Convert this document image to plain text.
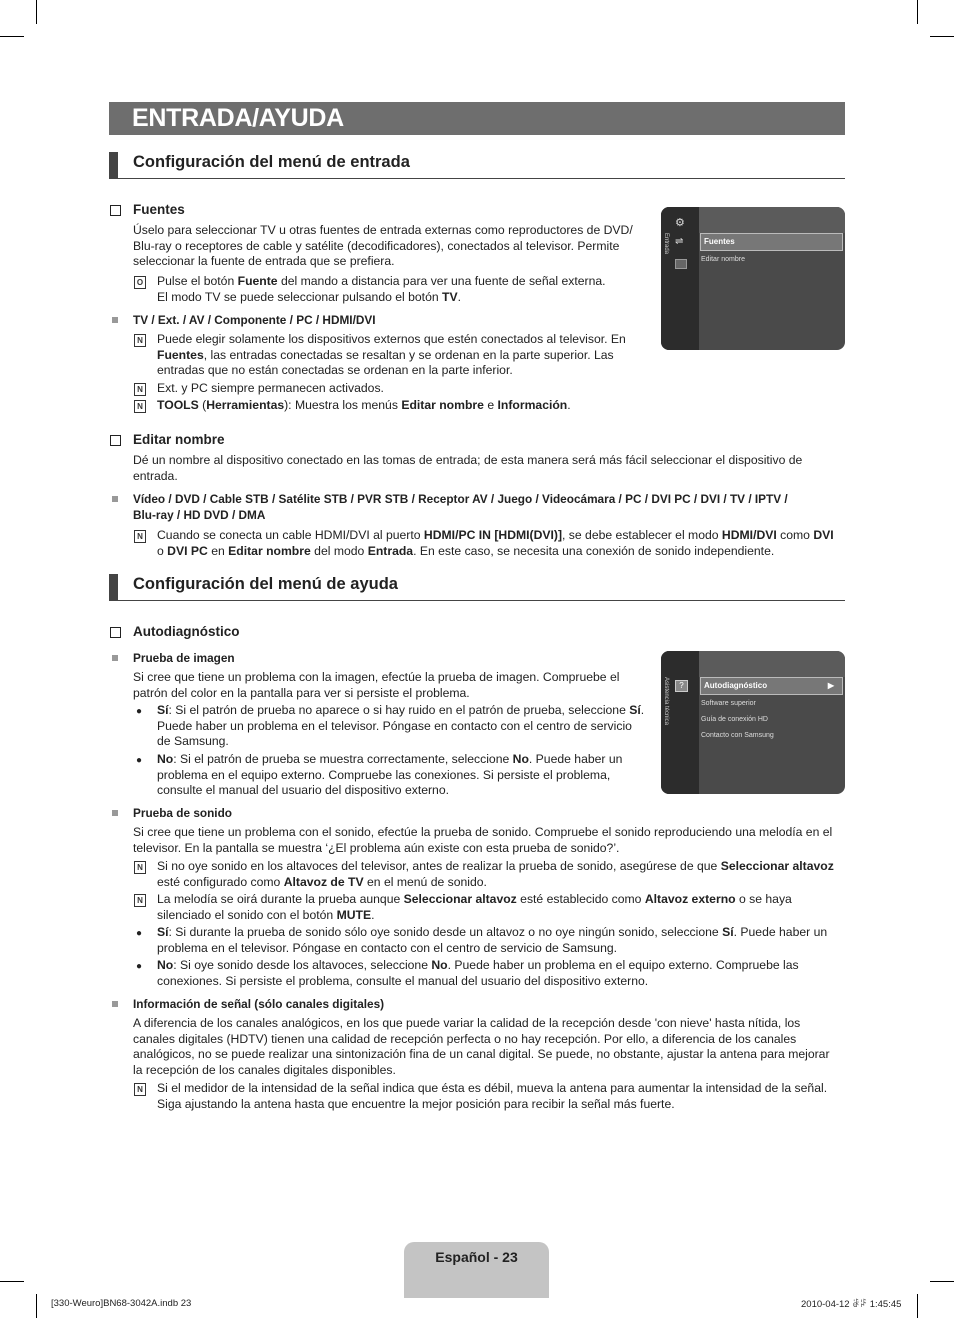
ENTRADA/AYUDA
Configuración del menú de entrada
Fuentes
Úselo para seleccionar TV u otras fuentes de entrada externas como reproductores de DVD/
Blu-ray o receptores de cable y satélite (decodificadores), conectados al televisor. Permite
seleccionar la fuente de entrada que se prefiera.
O Pulse el botón Fuente del mando a distancia para ver una fuente de señal externa.
El modo TV se puede seleccionar pulsando el botón TV.
TV / Ext. / AV / Componente / PC / HDMI/DVI
N Puede elegir solamente los dispositivos externos que estén conectados al televisor. En
Fuentes, las entradas conectadas se resaltan y se ordenan en la parte superior. Las
entradas que no están conectadas se ordenan en la parte inferior.
N Ext. y PC siempre permanecen activados.
N TOOLS (Herramientas): Muestra los menús Editar nombre e Información.
⚙
⇌
Entrada	Fuentes
Editar nombre
Editar nombre
Dé un nombre al dispositivo conectado en las tomas de entrada; de esta manera será más fácil seleccionar el dispositivo de
entrada.
Vídeo / DVD / Cable STB / Satélite STB / PVR STB / Receptor AV / Juego / Videocámara / PC / DVI PC / DVI / TV / IPTV /
Blu-ray / HD DVD / DMA
N Cuando se conecta un cable HDMI/DVI al puerto HDMI/PC IN [HDMI(DVI)], se debe establecer el modo HDMI/DVI como DVI
o DVI PC en Editar nombre del modo Entrada. En este caso, se necesita una conexión de sonido independiente.
Configuración del menú de ayuda
Autodiagnóstico
Prueba de imagen
Si cree que tiene un problema con la imagen, efectúe la prueba de imagen. Compruebe el
patrón del color en la pantalla para ver si persiste el problema.
● Sí: Si el patrón de prueba no aparece o si hay ruido en el patrón de prueba, seleccione Sí.
Puede haber un problema en el televisor. Póngase en contacto con el centro de servicio
de Samsung.
● No: Si el patrón de prueba se muestra correctamente, seleccione No. Puede haber un
problema en el equipo externo. Compruebe las conexiones. Si persiste el problema,
consulte el manual del usuario del dispositivo externo.
?
Asistencia técnica	Autodiagnóstico	▶
Software superior
Guía de conexión HD
Contacto con Samsung
Prueba de sonido
Si cree que tiene un problema con el sonido, efectúe la prueba de sonido. Compruebe el sonido reproduciendo una melodía en el
televisor. En la pantalla se muestra ‘¿El problema aún existe con esta prueba de sonido?’.
N Si no oye sonido en los altavoces del televisor, antes de realizar la prueba de sonido, asegúrese de que Seleccionar altavoz
esté configurado como Altavoz de TV en el menú de sonido.
N La melodía se oirá durante la prueba aunque Seleccionar altavoz esté establecido como Altavoz externo o se haya
silenciado el sonido con el botón MUTE.
● Sí: Si durante la prueba de sonido sólo oye sonido desde un altavoz o no oye ningún sonido, seleccione Sí. Puede haber un
problema en el televisor. Póngase en contacto con el centro de servicio de Samsung.
● No: Si oye sonido desde los altavoces, seleccione No. Puede haber un problema en el equipo externo. Compruebe las
conexiones. Si persiste el problema, consulte el manual del usuario del dispositivo externo.
Información de señal (sólo canales digitales)
A diferencia de los canales analógicos, en los que puede variar la calidad de la recepción desde 'con nieve' hasta nítida, los
canales digitales (HDTV) tienen una calidad de recepción perfecta o no hay recepción. Por ello, a diferencia de los canales
analógicos, no se puede realizar una sintonización fina de un canal digital. Se puede, no obstante, ajustar la antena para mejorar
la recepción de los canales digitales disponibles.
N Si el medidor de la intensidad de la señal indica que ésta es débil, mueva la antena para aumentar la intensidad de la señal.
Siga ajustando la antena hasta que encuentre la mejor posición para recibir la señal más fuerte.
Español - 23
[330-Weuro]BN68-3042A.indb 23	2010-04-12 ꂡꂞ 1:45:45
